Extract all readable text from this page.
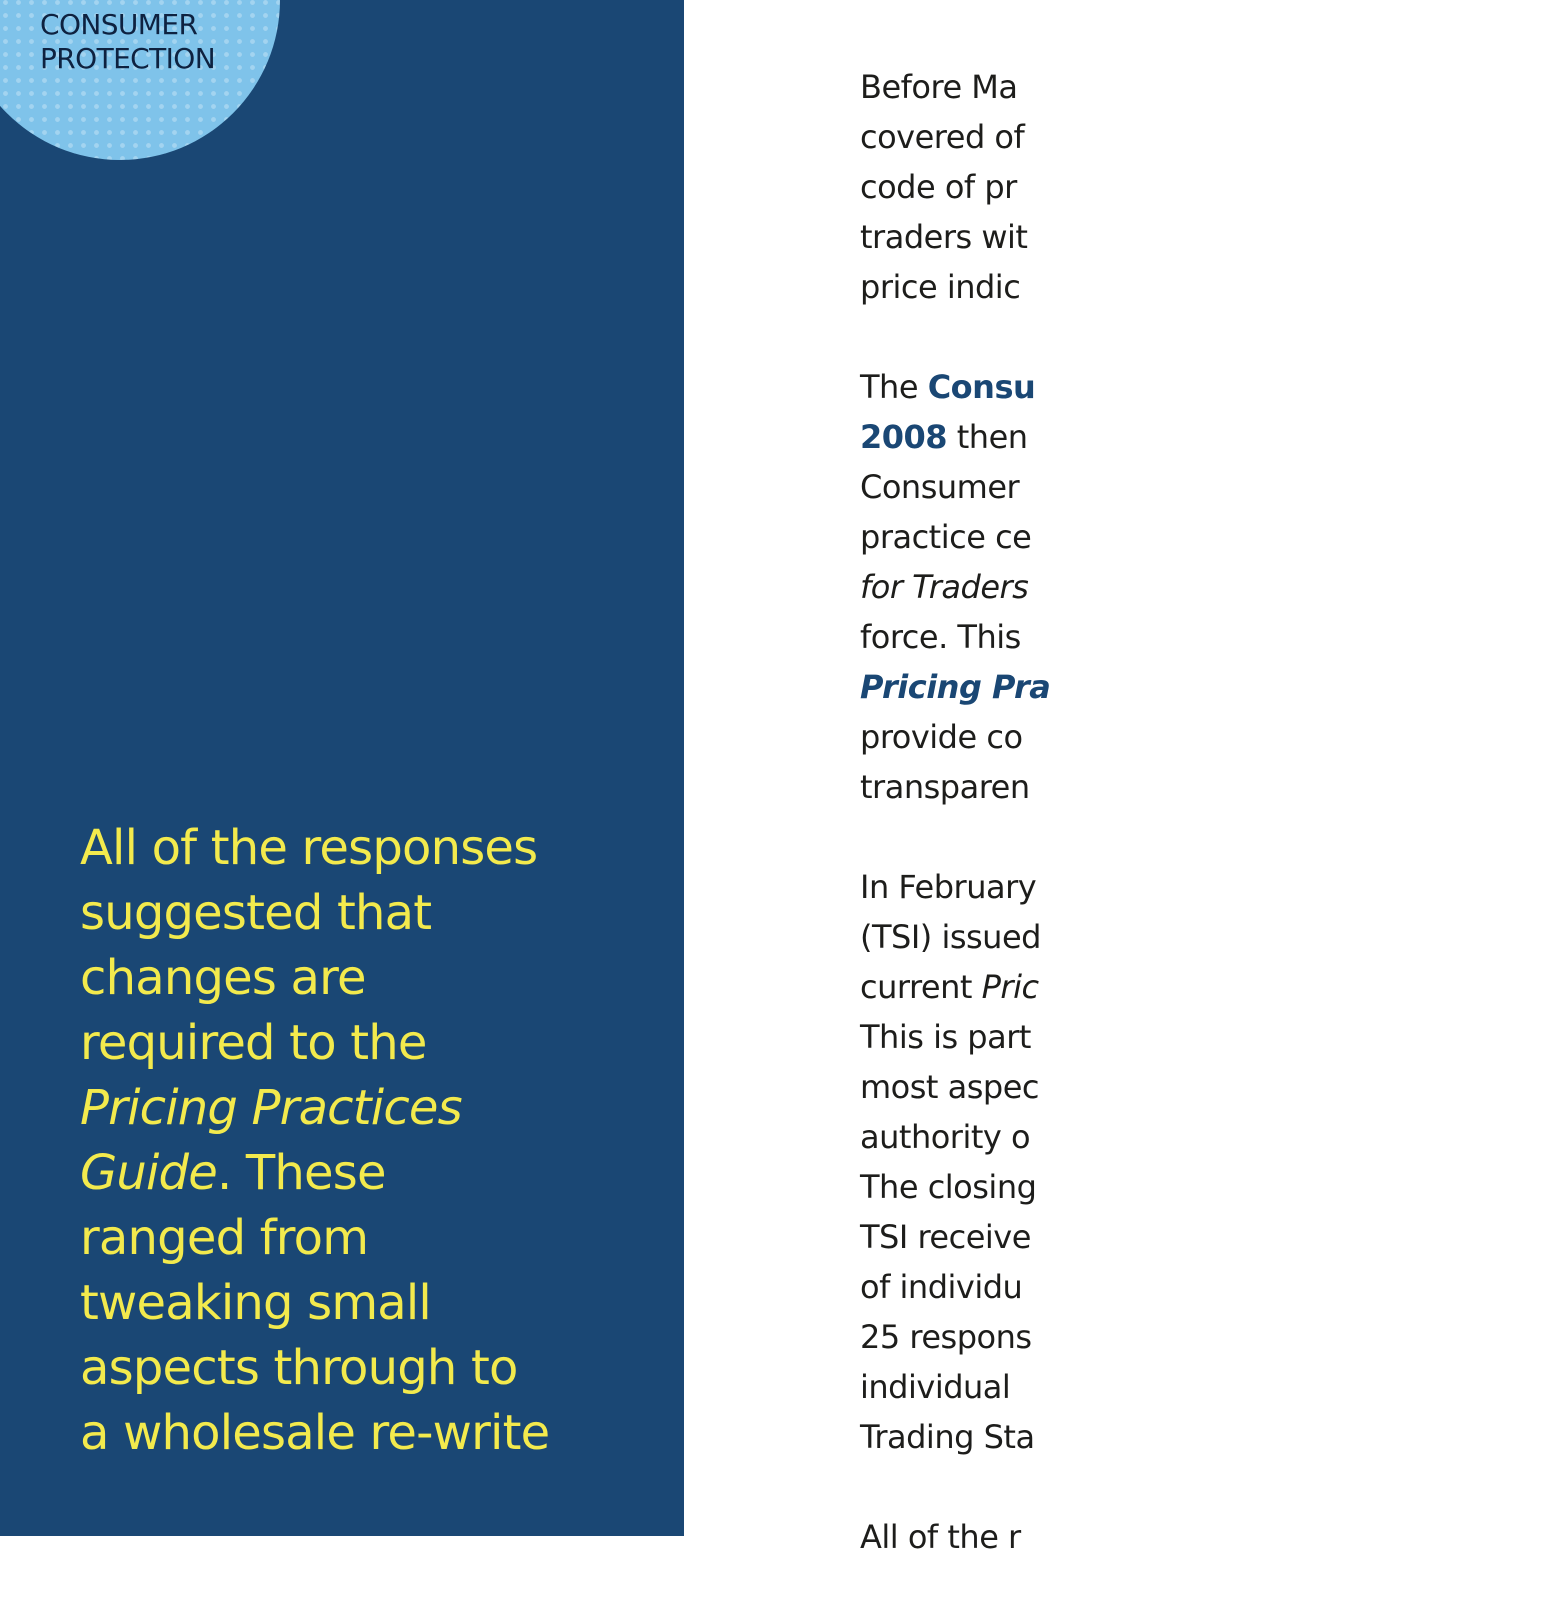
CONSUMER
PROTECTION
All of the responses
suggested that
changes are
required to the
Pricing Practices
Guide. These
ranged from
tweaking small
aspects through to
a wholesale re-write

Before Ma
covered of
code of pr
traders wit
price indic

The Consu
2008 then
Consumer
practice ce
for Traders
force. This
Pricing Pra
provide co
transparen

In February
(TSI) issued
current Pric
This is part
most aspec
authority o
The closing
TSI receive
of individu
25 respons
individual
Trading Sta

All of the r
